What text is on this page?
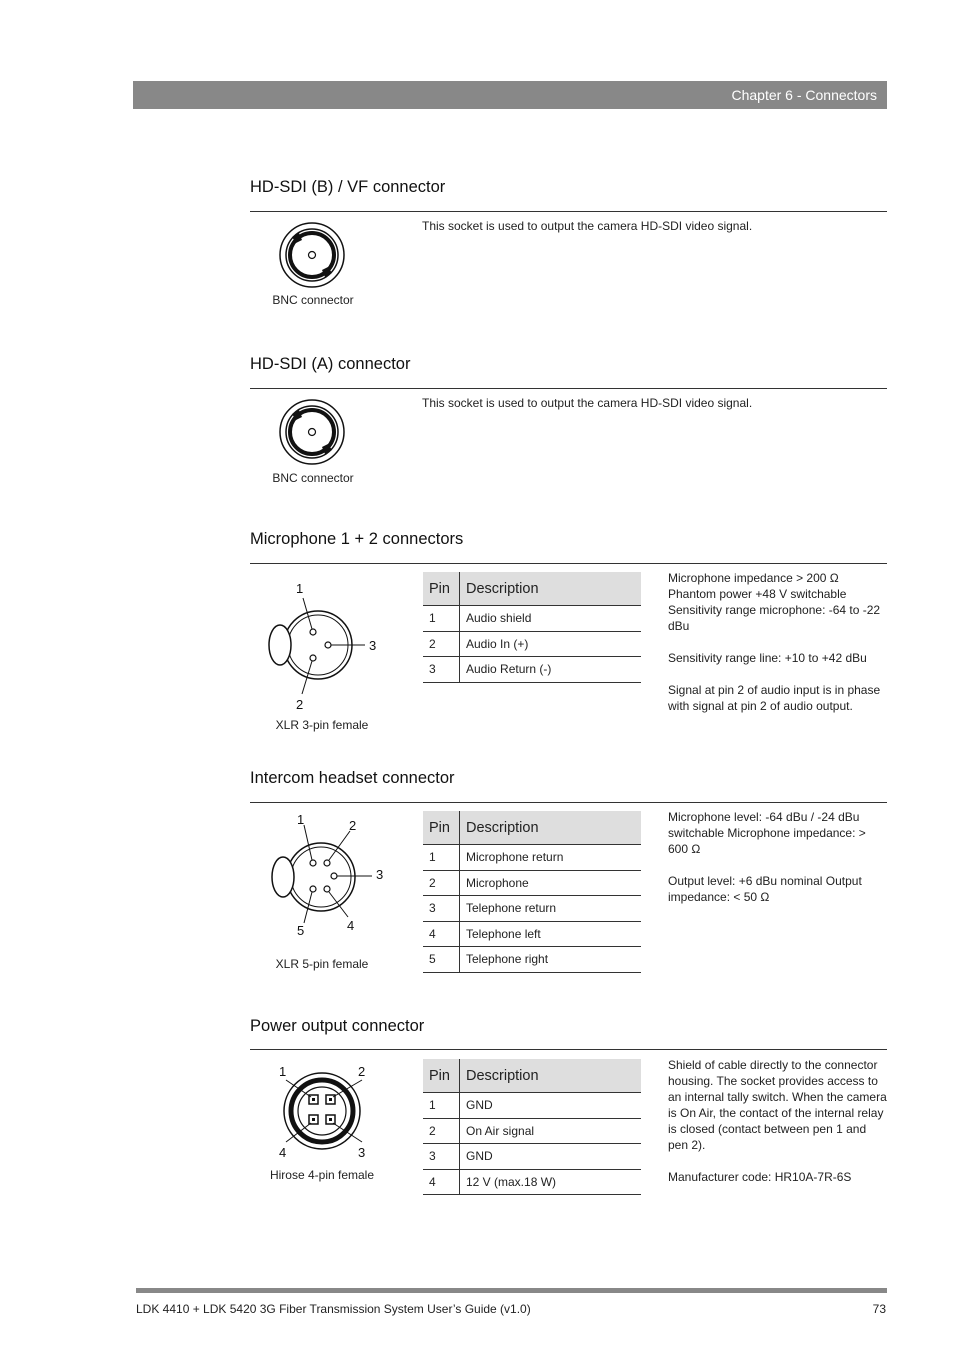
Chapter 6 - Connectors
HD-SDI (B) / VF connector
BNC connector
This socket is used to output the camera HD-SDI video signal.
HD-SDI (A) connector
BNC connector
This socket is used to output the camera HD-SDI video signal.
Microphone 1 + 2 connectors
1
2
3
XLR 3-pin female
Pin	Description
1	Audio shield
2	Audio In (+)
3	Audio Return (-)

Microphone impedance > 200 Ω Phantom power +48 V switchable Sensitivity range microphone: -64 to -22 dBu

Sensitivity range line: +10 to +42 dBu

Signal at pin 2 of audio input is in phase with signal at pin 2 of audio output.

Intercom headset connector
1	2
3
4
5
XLR 5-pin female
Pin	Description
1	Microphone return
2	Microphone
3	Telephone return
4	Telephone left
5	Telephone right

Microphone level: -64 dBu / -24 dBu switchable Microphone impedance: > 600 Ω

Output level: +6 dBu nominal Output impedance: < 50 Ω

Power output connector
1	2
3
4
Hirose 4-pin female
Pin	Description
1	GND
2	On Air signal
3	GND
4	12 V (max.18 W)

Shield of cable directly to the connector housing. The socket provides access to an internal tally switch. When the camera is On Air, the contact of the internal relay is closed (contact between pen 1 and pen 2).

Manufacturer code: HR10A-7R-6S

LDK 4410 + LDK 5420 3G Fiber Transmission System User’s Guide (v1.0)	73
